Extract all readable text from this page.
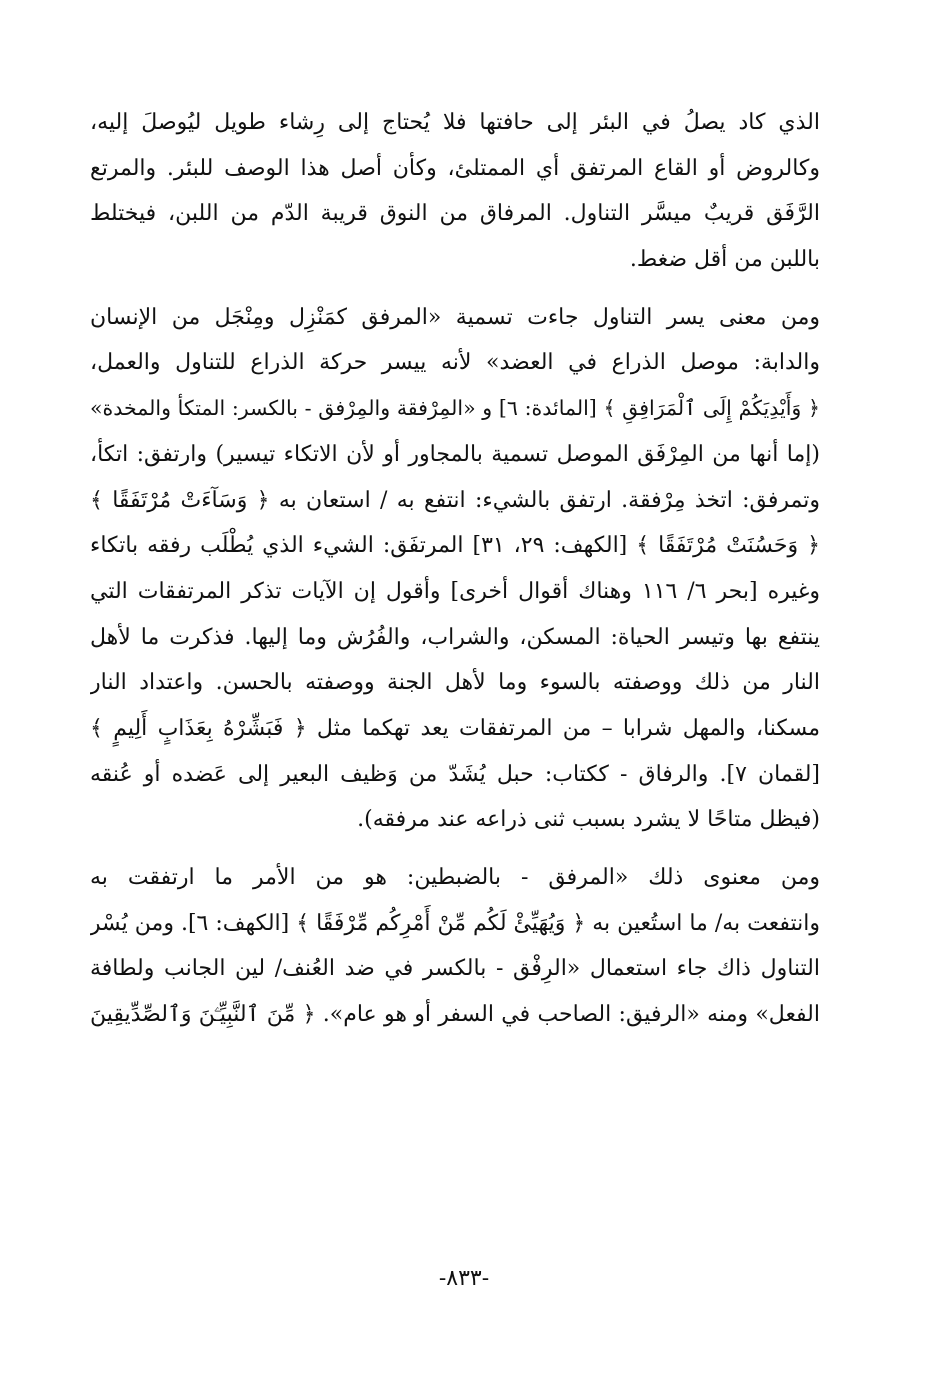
الذي كاد يصلُ في البئر إلى حافتها فلا يُحتاج إلى رِشاء طويل ليُوصلَ إليه،
وكالروض أو القاع المرتفق أي الممتلئ، وكأن أصل هذا الوصف للبئر. والمرتع
الرَّفَق قريبٌ ميسَّر التناول. المرفاق من النوق قريبة الدّم من اللبن، فيختلط
باللبن من أقل ضغط.
ومن معنى يسر التناول جاءت تسمية «المرفق كمَنْزِل ومِنْجَل من الإنسان
والدابة: موصل الذراع في العضد» لأنه ييسر حركة الذراع للتناول والعمل،
﴿ وَأَيْدِيَكُمْ إِلَى ٱلْمَرَافِقِ ﴾ [المائدة: ٦] و «المِرْفقة والمِرْفق - بالكسر: المتكأ والمخدة»
(إما أنها من المِرْفَق الموصل تسمية بالمجاور أو لأن الاتكاء تيسير) وارتفق: اتكأ،
وتمرفق: اتخذ مِرْفقة. ارتفق بالشيء: انتفع به / استعان به ﴿ وَسَآءَتْ مُرْتَفَقًا ﴾
﴿ وَحَسُنَتْ مُرْتَفَقًا ﴾ [الكهف: ٢٩، ٣١] المرتفَق: الشيء الذي يُطْلَب رفقه باتكاء
وغيره [بحر ٦/ ١١٦ وهناك أقوال أخرى] وأقول إن الآيات تذكر المرتفقات التي
ينتفع بها وتيسر الحياة: المسكن، والشراب، والفُرُش وما إليها. فذكرت ما لأهل
النار من ذلك ووصفته بالسوء وما لأهل الجنة ووصفته بالحسن. واعتداد النار
مسكنا، والمهل شرابا – من المرتفقات يعد تهكما مثل ﴿ فَبَشِّرْهُ بِعَذَابٍ أَلِيمٍ ﴾
[لقمان ٧]. والرفاق - ككتاب: حبل يُشَدّ من وَظيف البعير إلى عَضده أو عُنقه
(فيظل متاحًا لا يشرد بسبب ثنى ذراعه عند مرفقه).
ومن معنوى ذلك «المرفق - بالضبطين: هو من الأمر ما ارتفقت به
وانتفعت به/ ما استُعين به ﴿ وَيُهَيِّئْ لَكُم مِّنْ أَمْرِكُم مِّرْفَقًا ﴾ [الكهف: ٦]. ومن يُسْر
التناول ذاك جاء استعمال «الرِفْق - بالكسر في ضد العُنف/ لين الجانب ولطافة
الفعل» ومنه «الرفيق: الصاحب في السفر أو هو عام». ﴿ مِّنَ ٱلنَّبِيِّـۧنَ وَٱلصِّدِّيقِينَ
-٨٣٣-
